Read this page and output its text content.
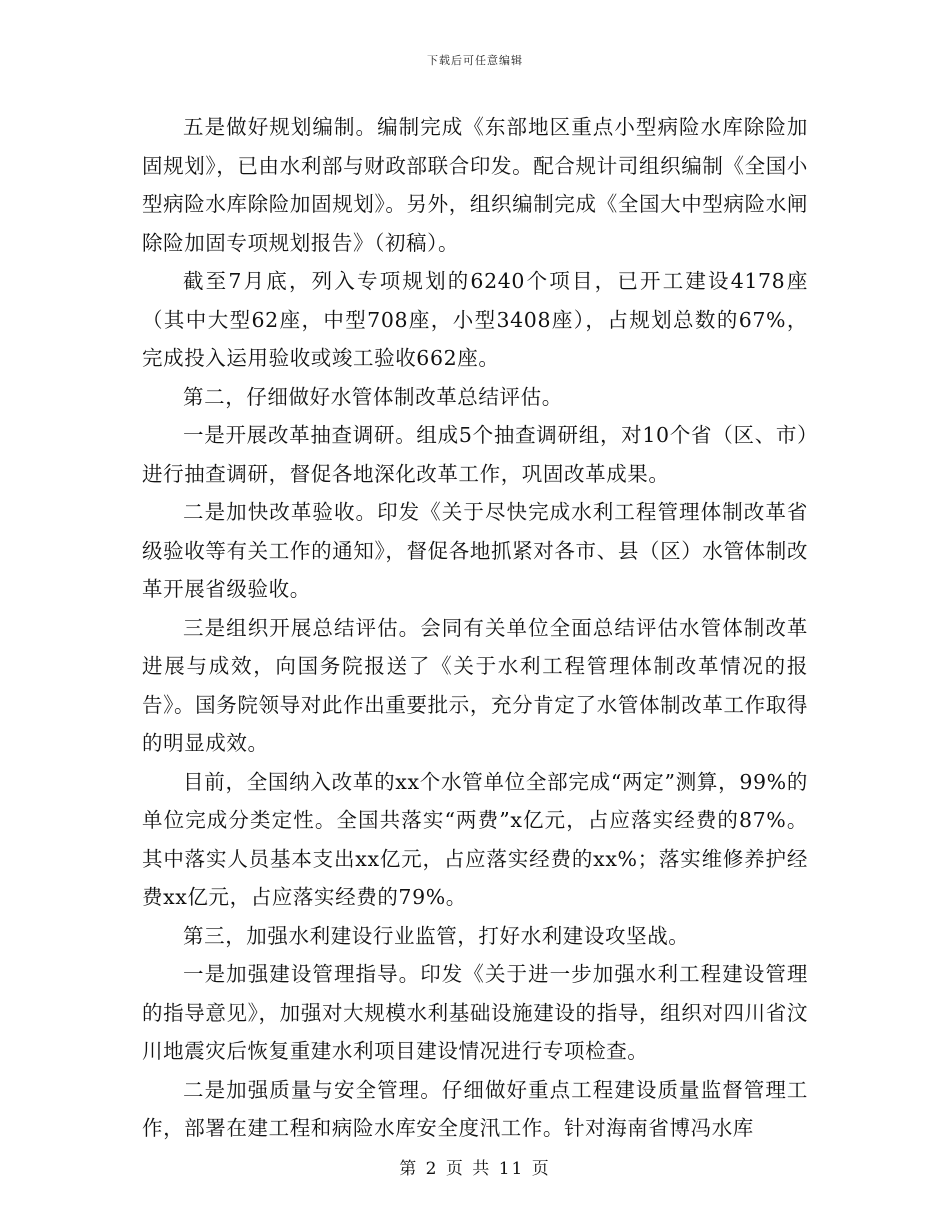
下载后可任意编辑

五是做好规划编制。编制完成《东部地区重点小型病险水库除险加固规划》，已由水利部与财政部联合印发。配合规计司组织编制《全国小型病险水库除险加固规划》。另外，组织编制完成《全国大中型病险水闸除险加固专项规划报告》（初稿）。

截至7月底，列入专项规划的6240个项目，已开工建设4178座（其中大型62座，中型708座，小型3408座），占规划总数的67%，完成投入运用验收或竣工验收662座。

第二，仔细做好水管体制改革总结评估。

一是开展改革抽查调研。组成5个抽查调研组，对10个省（区、市）进行抽查调研，督促各地深化改革工作，巩固改革成果。

二是加快改革验收。印发《关于尽快完成水利工程管理体制改革省级验收等有关工作的通知》，督促各地抓紧对各市、县（区）水管体制改革开展省级验收。

三是组织开展总结评估。会同有关单位全面总结评估水管体制改革进展与成效，向国务院报送了《关于水利工程管理体制改革情况的报告》。国务院领导对此作出重要批示，充分肯定了水管体制改革工作取得的明显成效。

目前，全国纳入改革的xx个水管单位全部完成“两定”测算，99%的单位完成分类定性。全国共落实“两费”x亿元，占应落实经费的87%。其中落实人员基本支出xx亿元，占应落实经费的xx%；落实维修养护经费xx亿元，占应落实经费的79%。

第三，加强水利建设行业监管，打好水利建设攻坚战。

一是加强建设管理指导。印发《关于进一步加强水利工程建设管理的指导意见》，加强对大规模水利基础设施建设的指导，组织对四川省汶川地震灾后恢复重建水利项目建设情况进行专项检查。

二是加强质量与安全管理。仔细做好重点工程建设质量监督管理工作，部署在建工程和病险水库安全度汛工作。针对海南省博冯水库

第 2 页 共 11 页
